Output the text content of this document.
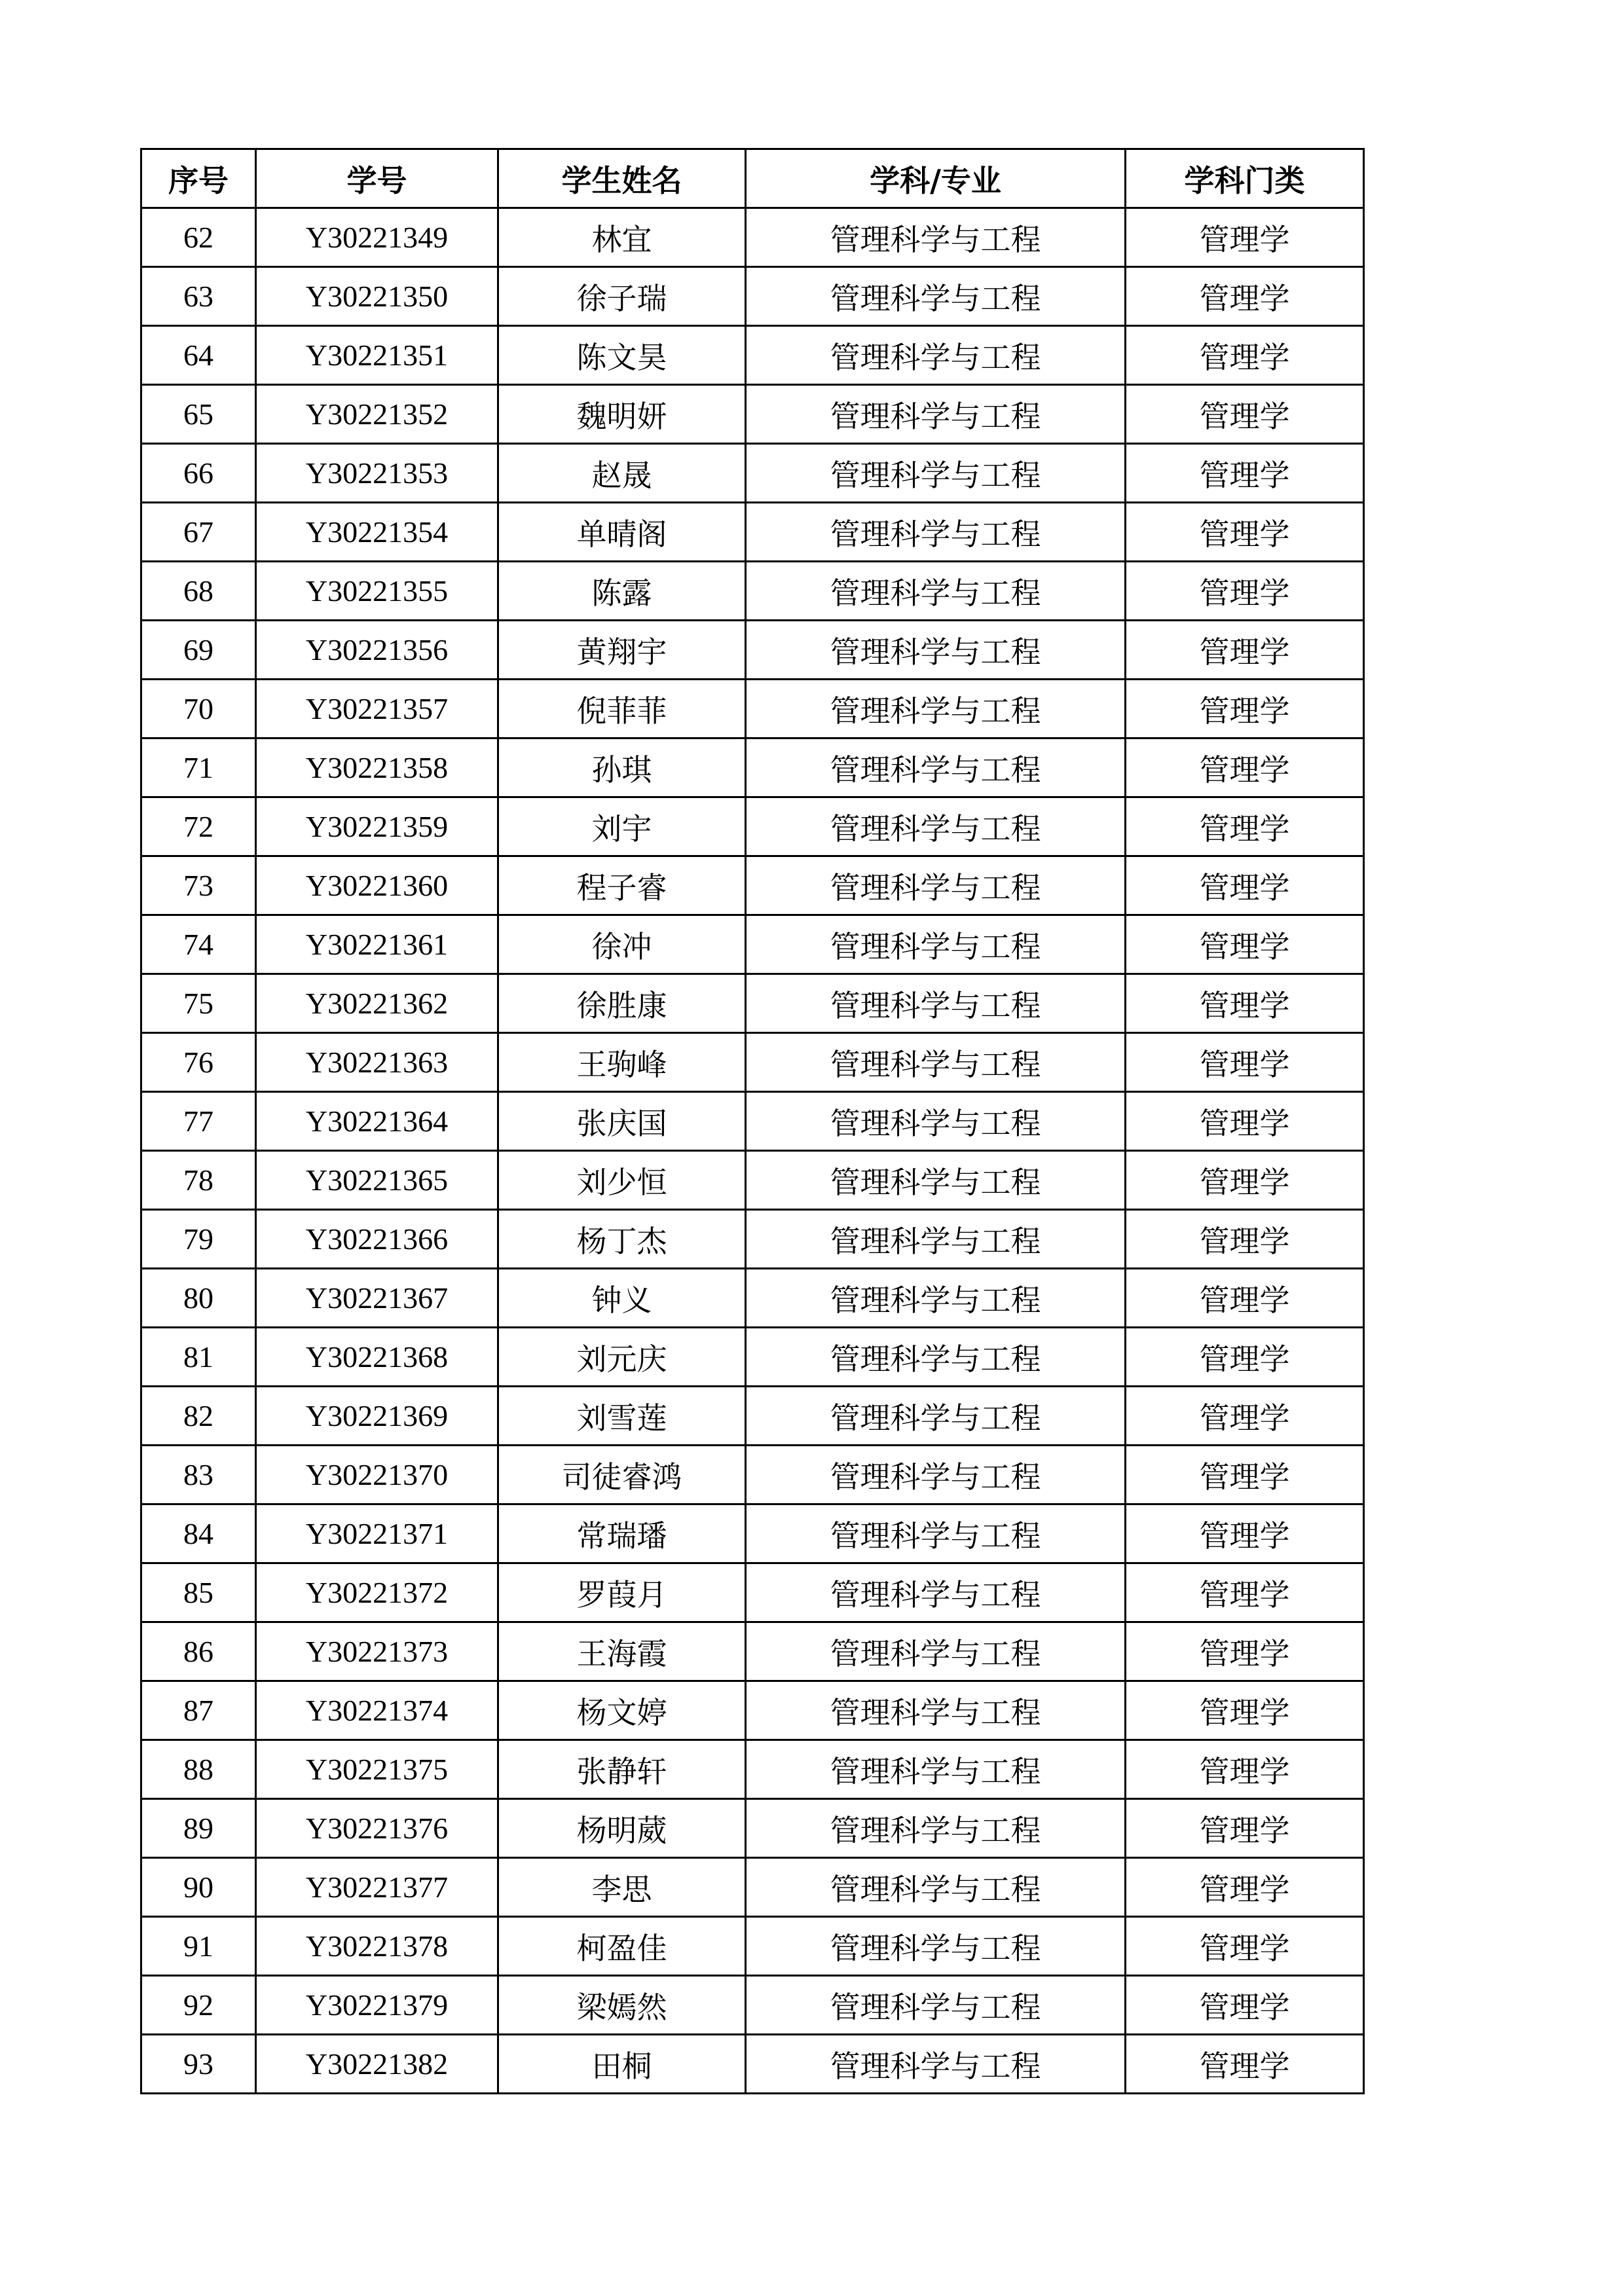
序号	学号	学生姓名	学科/专业	学科门类
62	Y30221349	林宜	管理科学与工程	管理学
63	Y30221350	徐子瑞	管理科学与工程	管理学
64	Y30221351	陈文昊	管理科学与工程	管理学
65	Y30221352	魏明妍	管理科学与工程	管理学
66	Y30221353	赵晟	管理科学与工程	管理学
67	Y30221354	单晴阁	管理科学与工程	管理学
68	Y30221355	陈露	管理科学与工程	管理学
69	Y30221356	黄翔宇	管理科学与工程	管理学
70	Y30221357	倪菲菲	管理科学与工程	管理学
71	Y30221358	孙琪	管理科学与工程	管理学
72	Y30221359	刘宇	管理科学与工程	管理学
73	Y30221360	程子睿	管理科学与工程	管理学
74	Y30221361	徐冲	管理科学与工程	管理学
75	Y30221362	徐胜康	管理科学与工程	管理学
76	Y30221363	王驹峰	管理科学与工程	管理学
77	Y30221364	张庆国	管理科学与工程	管理学
78	Y30221365	刘少恒	管理科学与工程	管理学
79	Y30221366	杨丁杰	管理科学与工程	管理学
80	Y30221367	钟义	管理科学与工程	管理学
81	Y30221368	刘元庆	管理科学与工程	管理学
82	Y30221369	刘雪莲	管理科学与工程	管理学
83	Y30221370	司徒睿鸿	管理科学与工程	管理学
84	Y30221371	常瑞璠	管理科学与工程	管理学
85	Y30221372	罗葭月	管理科学与工程	管理学
86	Y30221373	王海霞	管理科学与工程	管理学
87	Y30221374	杨文婷	管理科学与工程	管理学
88	Y30221375	张静轩	管理科学与工程	管理学
89	Y30221376	杨明葳	管理科学与工程	管理学
90	Y30221377	李思	管理科学与工程	管理学
91	Y30221378	柯盈佳	管理科学与工程	管理学
92	Y30221379	梁嫣然	管理科学与工程	管理学
93	Y30221382	田桐	管理科学与工程	管理学
